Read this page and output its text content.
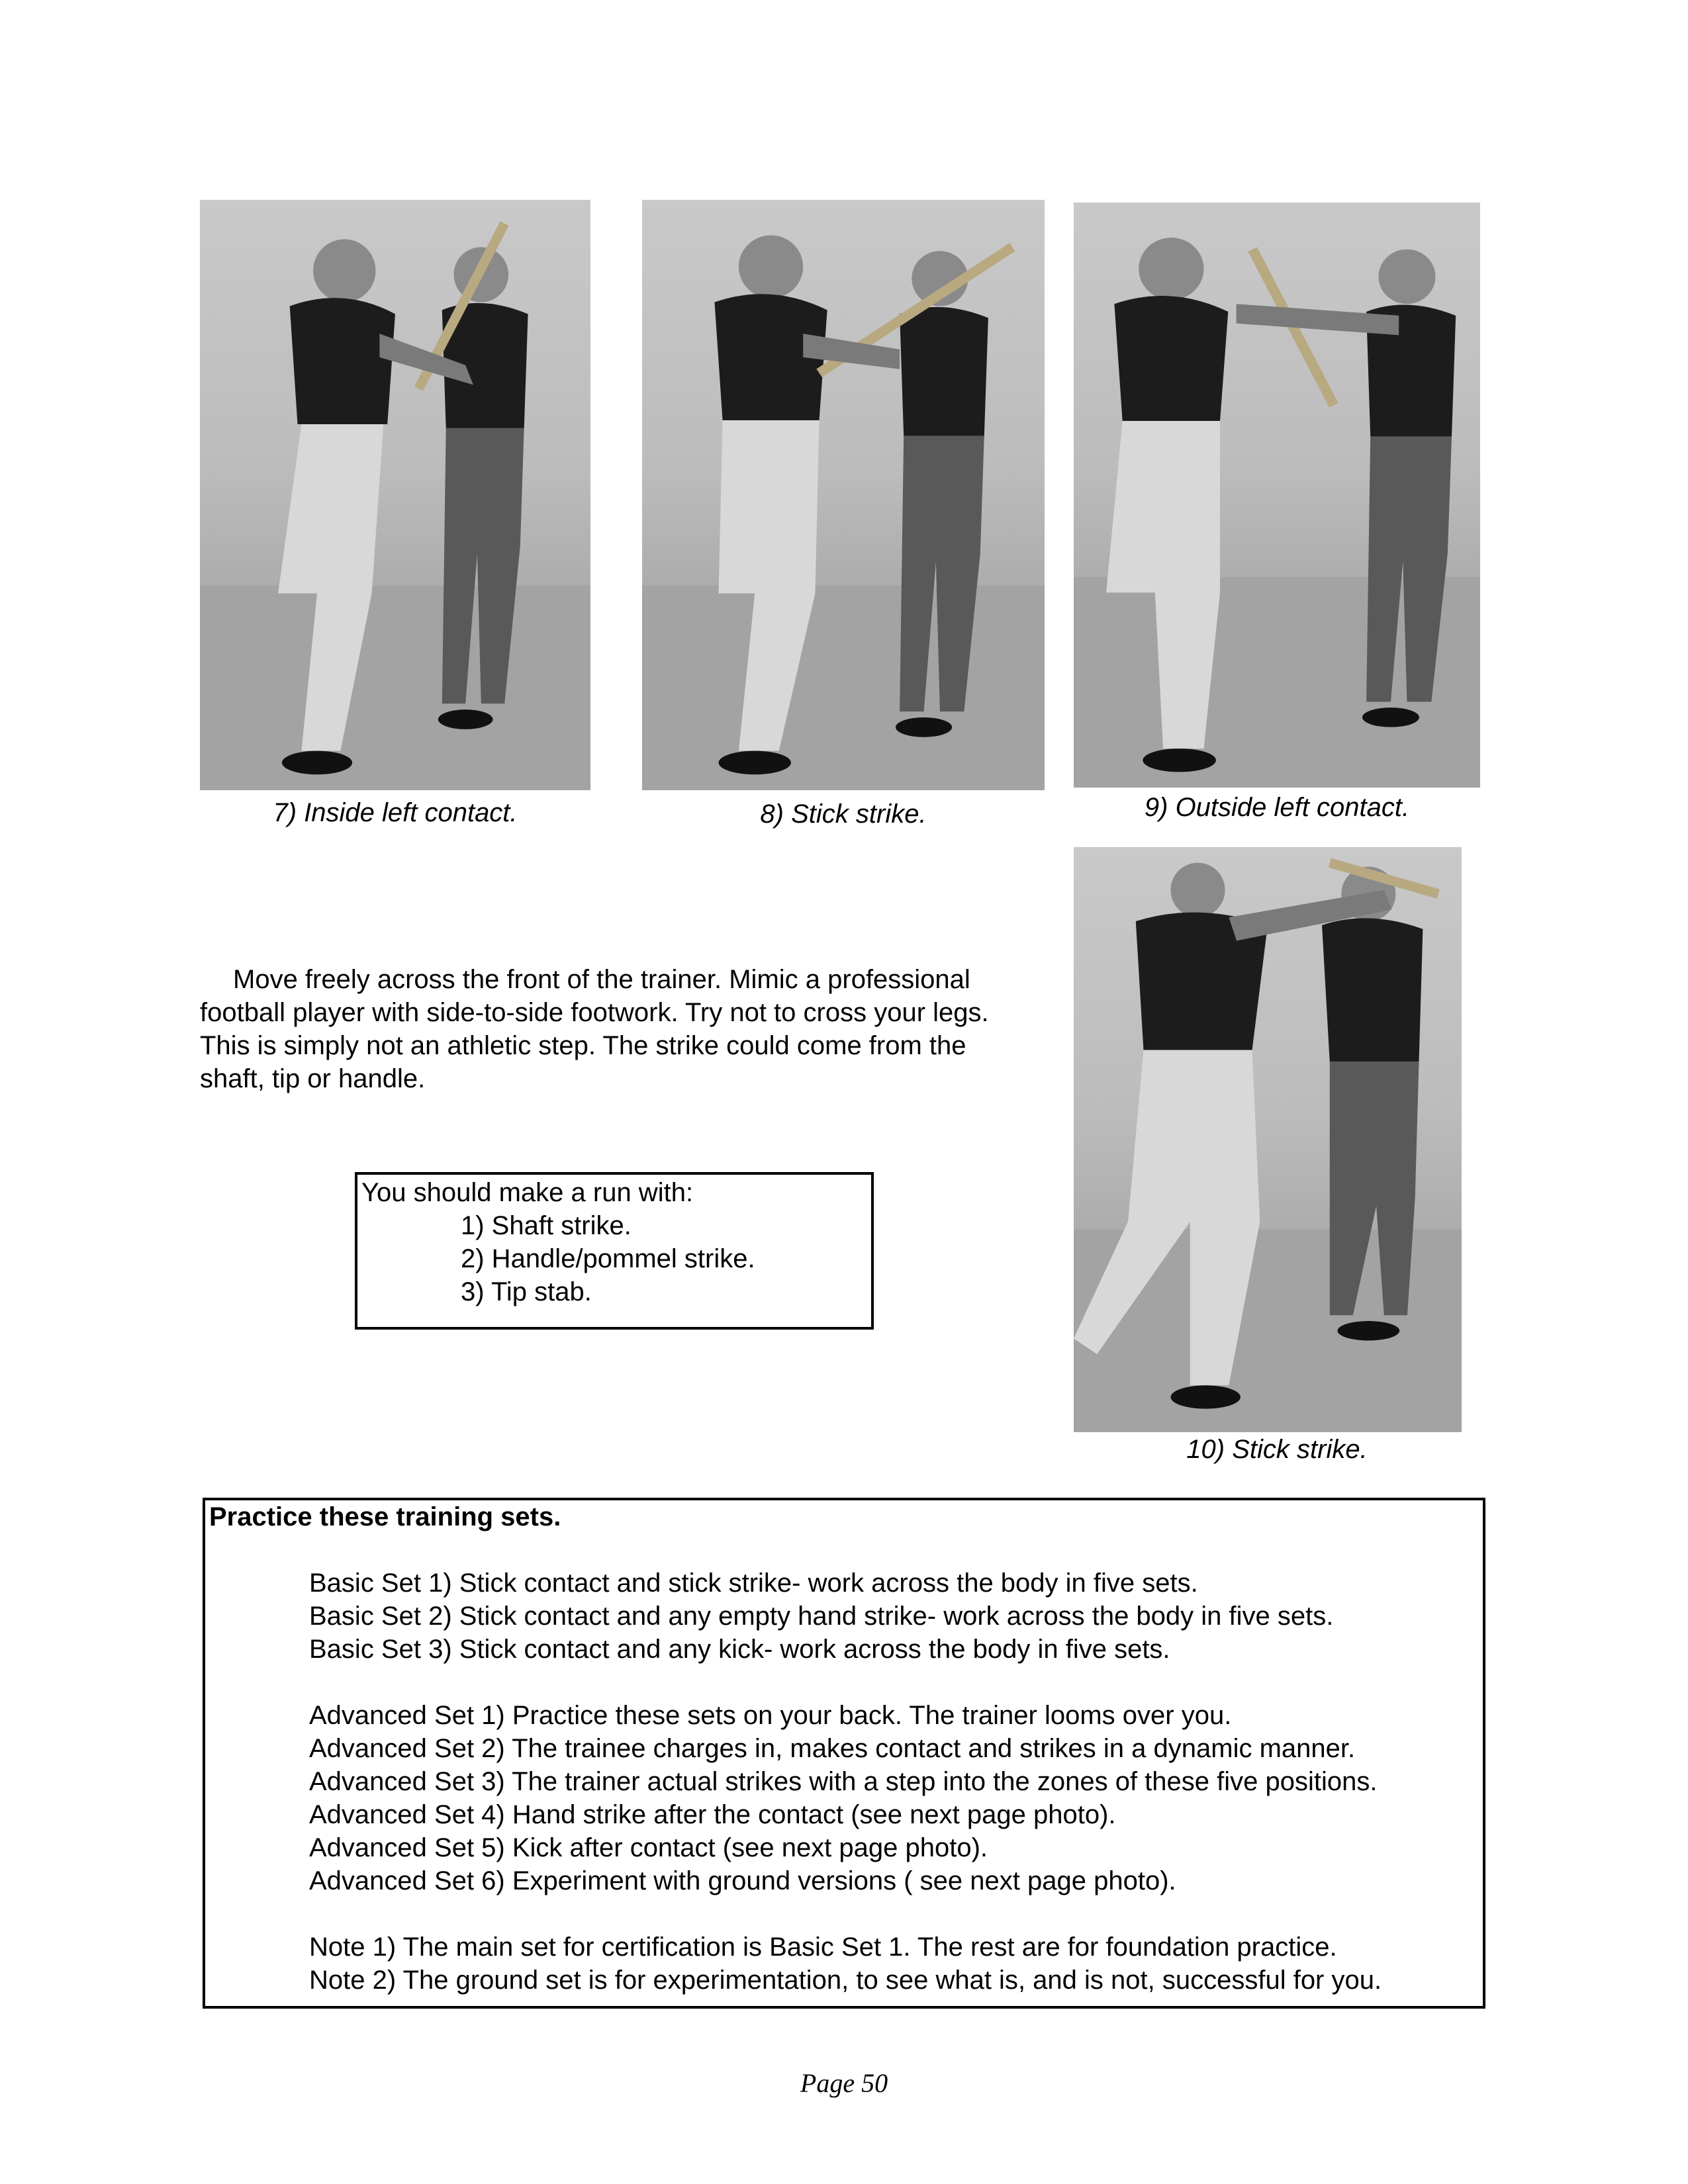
7) Inside left contact.	8) Stick strike.	9) Outside left contact.
10) Stick strike.

Move freely across the front of the trainer. Mimic a professional football player with side-to-side footwork. Try not to cross your legs. This is simply not an athletic step. The strike could come from the shaft, tip or handle.

You should make a run with:
1) Shaft strike.
2) Handle/pommel strike.
3) Tip stab.
Practice these training sets.
Basic Set 1) Stick contact and stick strike- work across the body in five sets.
Basic Set 2) Stick contact and any empty hand strike- work across the body in five sets.
Basic Set 3) Stick contact and any kick- work across the body in five sets.
Advanced Set 1) Practice these sets on your back. The trainer looms over you.
Advanced Set 2) The trainee charges in, makes contact and strikes in a dynamic manner.
Advanced Set 3) The trainer actual strikes with a step into the zones of these five positions.
Advanced Set 4) Hand strike after the contact (see next page photo).
Advanced Set 5) Kick after contact (see next page photo).
Advanced Set 6) Experiment with ground versions ( see next page photo).
Note 1) The main set for certification is Basic Set 1. The rest are for foundation practice.
Note 2) The ground set is for experimentation, to see what is, and is not, successful for you.
Page 50
